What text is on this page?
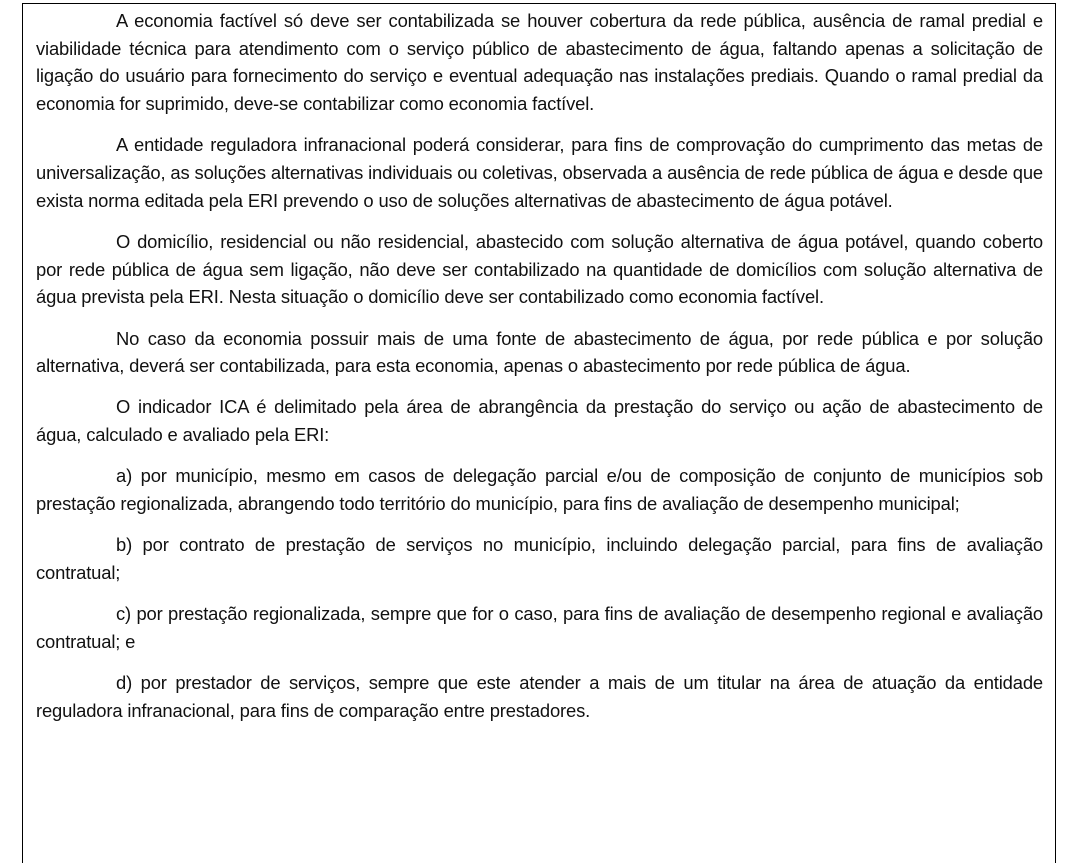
A economia factível só deve ser contabilizada se houver cobertura da rede pública, ausência de ramal predial e viabilidade técnica para atendimento com o serviço público de abastecimento de água, faltando apenas a solicitação de ligação do usuário para fornecimento do serviço e eventual adequação nas instalações prediais. Quando o ramal predial da economia for suprimido, deve-se contabilizar como economia factível.

A entidade reguladora infranacional poderá considerar, para fins de comprovação do cumprimento das metas de universalização, as soluções alternativas individuais ou coletivas, observada a ausência de rede pública de água e desde que exista norma editada pela ERI prevendo o uso de soluções alternativas de abastecimento de água potável.

O domicílio, residencial ou não residencial, abastecido com solução alternativa de água potável, quando coberto por rede pública de água sem ligação, não deve ser contabilizado na quantidade de domicílios com solução alternativa de água prevista pela ERI. Nesta situação o domicílio deve ser contabilizado como economia factível.

No caso da economia possuir mais de uma fonte de abastecimento de água, por rede pública e por solução alternativa, deverá ser contabilizada, para esta economia, apenas o abastecimento por rede pública de água.

O indicador ICA é delimitado pela área de abrangência da prestação do serviço ou ação de abastecimento de água, calculado e avaliado pela ERI:

a) por município, mesmo em casos de delegação parcial e/ou de composição de conjunto de municípios sob prestação regionalizada, abrangendo todo território do município, para fins de avaliação de desempenho municipal;

b) por contrato de prestação de serviços no município, incluindo delegação parcial, para fins de avaliação contratual;

c) por prestação regionalizada, sempre que for o caso, para fins de avaliação de desempenho regional e avaliação contratual; e

d) por prestador de serviços, sempre que este atender a mais de um titular na área de atuação da entidade reguladora infranacional, para fins de comparação entre prestadores.
